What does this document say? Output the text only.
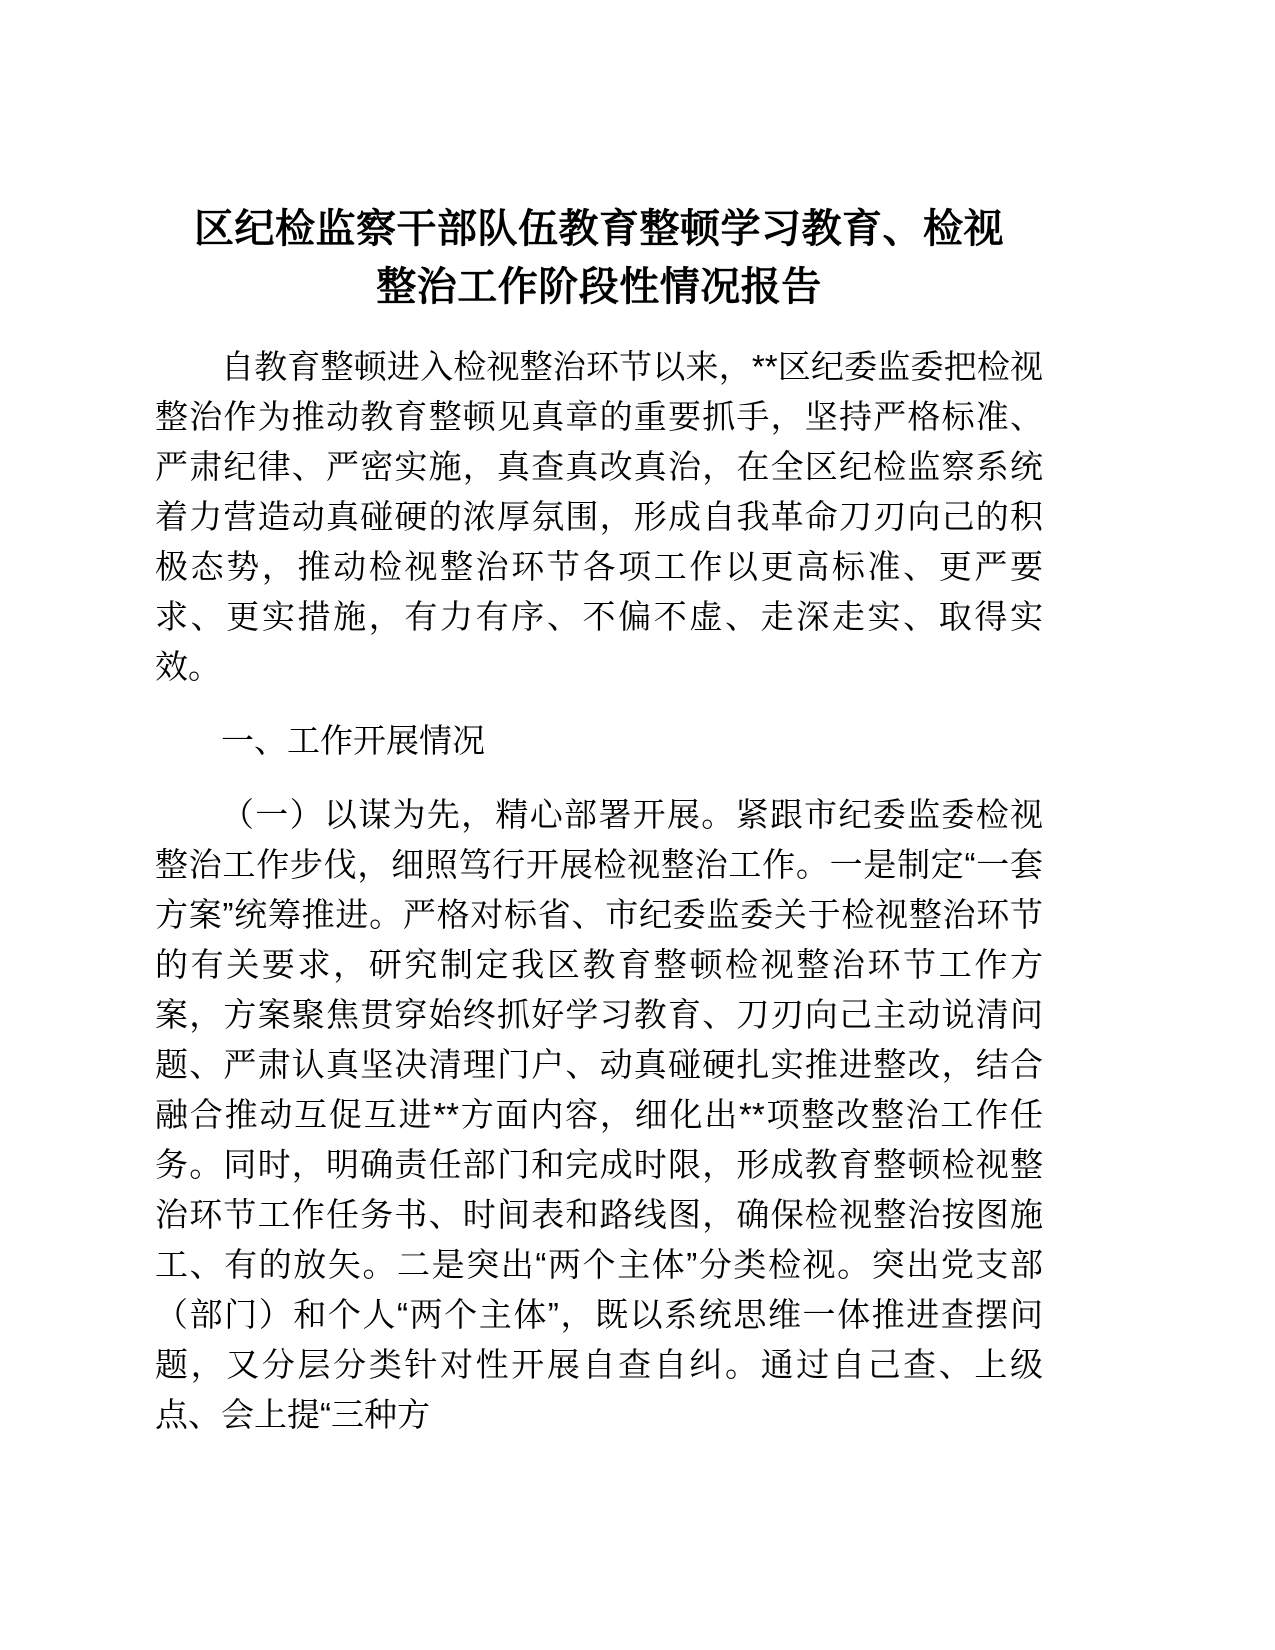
区纪检监察干部队伍教育整顿学习教育、检视
整治工作阶段性情况报告

自教育整顿进入检视整治环节以来，**区纪委监委把检视整治作为推动教育整顿见真章的重要抓手，坚持严格标准、严肃纪律、严密实施，真查真改真治，在全区纪检监察系统着力营造动真碰硬的浓厚氛围，形成自我革命刀刃向己的积极态势，推动检视整治环节各项工作以更高标准、更严要求、更实措施，有力有序、不偏不虚、走深走实、取得实效。

一、工作开展情况

（一）以谋为先，精心部署开展。紧跟市纪委监委检视整治工作步伐，细照笃行开展检视整治工作。一是制定“一套方案”统筹推进。严格对标省、市纪委监委关于检视整治环节的有关要求，研究制定我区教育整顿检视整治环节工作方案，方案聚焦贯穿始终抓好学习教育、刀刃向己主动说清问题、严肃认真坚决清理门户、动真碰硬扎实推进整改，结合融合推动互促互进**方面内容，细化出**项整改整治工作任务。同时，明确责任部门和完成时限，形成教育整顿检视整治环节工作任务书、时间表和路线图，确保检视整治按图施工、有的放矢。二是突出“两个主体”分类检视。突出党支部（部门）和个人“两个主体”，既以系统思维一体推进查摆问题，又分层分类针对性开展自查自纠。通过自己查、上级点、会上提“三种方
